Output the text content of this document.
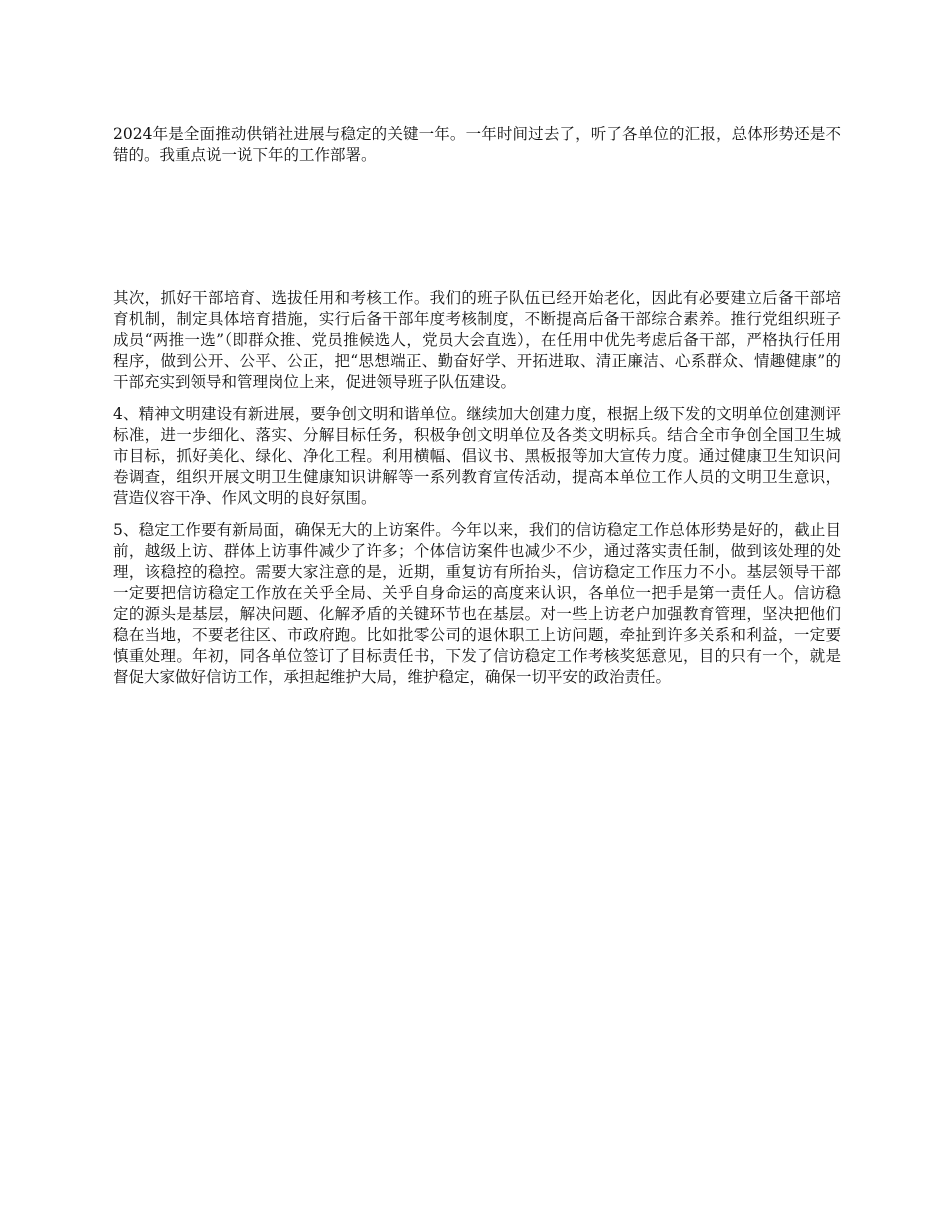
2024年是全面推动供销社进展与稳定的关键一年。一年时间过去了，听了各单位的汇报，总体形势还是不错的。我重点说一说下年的工作部署。

其次，抓好干部培育、选拔任用和考核工作。我们的班子队伍已经开始老化，因此有必要建立后备干部培育机制，制定具体培育措施，实行后备干部年度考核制度，不断提高后备干部综合素养。推行党组织班子成员“两推一选”（即群众推、党员推候选人，党员大会直选），在任用中优先考虑后备干部，严格执行任用程序，做到公开、公平、公正，把“思想端正、勤奋好学、开拓进取、清正廉洁、心系群众、情趣健康”的干部充实到领导和管理岗位上来，促进领导班子队伍建设。

4、精神文明建设有新进展，要争创文明和谐单位。继续加大创建力度，根据上级下发的文明单位创建测评标准，进一步细化、落实、分解目标任务，积极争创文明单位及各类文明标兵。结合全市争创全国卫生城市目标，抓好美化、绿化、净化工程。利用横幅、倡议书、黑板报等加大宣传力度。通过健康卫生知识问卷调查，组织开展文明卫生健康知识讲解等一系列教育宣传活动，提高本单位工作人员的文明卫生意识，营造仪容干净、作风文明的良好氛围。

5、稳定工作要有新局面，确保无大的上访案件。今年以来，我们的信访稳定工作总体形势是好的，截止目前，越级上访、群体上访事件减少了许多；个体信访案件也减少不少，通过落实责任制，做到该处理的处理，该稳控的稳控。需要大家注意的是，近期，重复访有所抬头，信访稳定工作压力不小。基层领导干部一定要把信访稳定工作放在关乎全局、关乎自身命运的高度来认识，各单位一把手是第一责任人。信访稳定的源头是基层，解决问题、化解矛盾的关键环节也在基层。对一些上访老户加强教育管理，坚决把他们稳在当地，不要老往区、市政府跑。比如批零公司的退休职工上访问题，牵扯到许多关系和利益，一定要慎重处理。年初，同各单位签订了目标责任书，下发了信访稳定工作考核奖惩意见，目的只有一个，就是督促大家做好信访工作，承担起维护大局，维护稳定，确保一切平安的政治责任。
